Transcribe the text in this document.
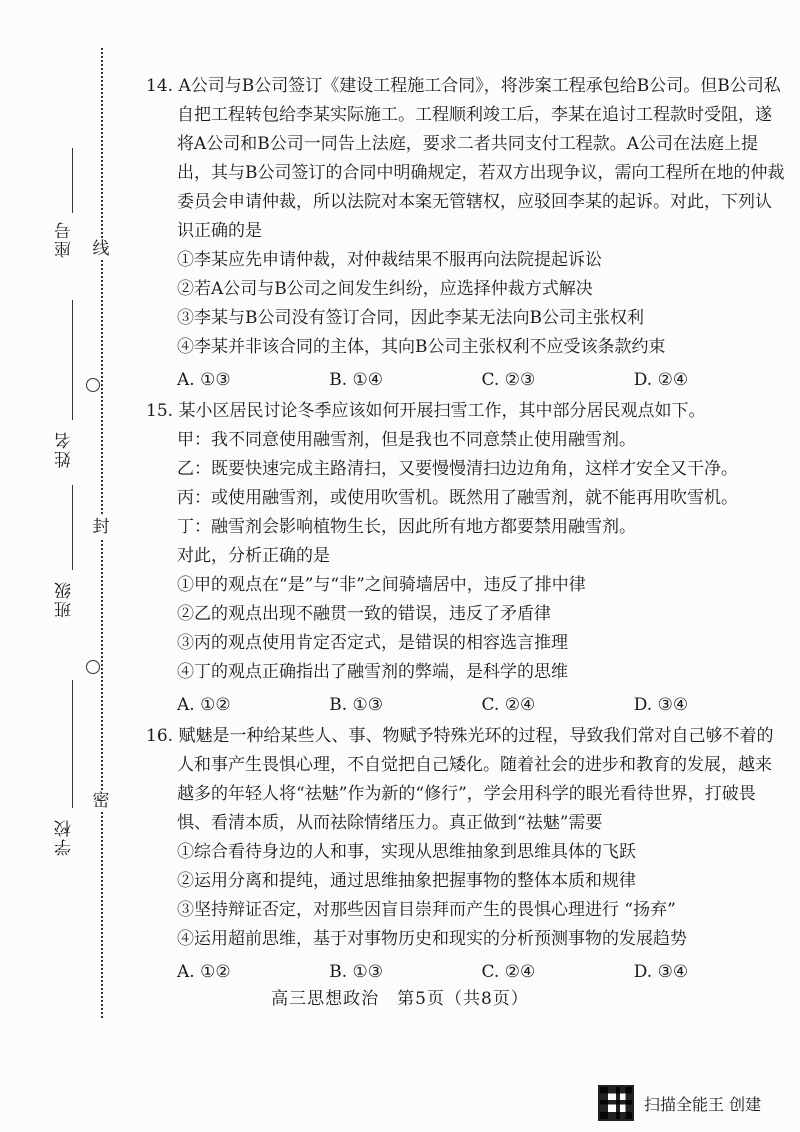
线
封
密
座号
姓名
班级
学校

14. A公司与B公司签订《建设工程施工合同》，将涉案工程承包给B公司。但B公司私自把工程转包给李某实际施工。工程顺利竣工后，李某在追讨工程款时受阻，遂将A公司和B公司一同告上法庭，要求二者共同支付工程款。A公司在法庭上提出，其与B公司签订的合同中明确规定，若双方出现争议，需向工程所在地的仲裁委员会申请仲裁，所以法院对本案无管辖权，应驳回李某的起诉。对此，下列认识正确的是

①李某应先申请仲裁，对仲裁结果不服再向法院提起诉讼

②若A公司与B公司之间发生纠纷，应选择仲裁方式解决

③李某与B公司没有签订合同，因此李某无法向B公司主张权利

④李某并非该合同的主体，其向B公司主张权利不应受该条款约束

A. ①③	B. ①④	C. ②③	D. ②④

15. 某小区居民讨论冬季应该如何开展扫雪工作，其中部分居民观点如下。

甲：我不同意使用融雪剂，但是我也不同意禁止使用融雪剂。

乙：既要快速完成主路清扫，又要慢慢清扫边边角角，这样才安全又干净。

丙：或使用融雪剂，或使用吹雪机。既然用了融雪剂，就不能再用吹雪机。

丁：融雪剂会影响植物生长，因此所有地方都要禁用融雪剂。

对此，分析正确的是

①甲的观点在“是”与“非”之间骑墙居中，违反了排中律

②乙的观点出现不融贯一致的错误，违反了矛盾律

③丙的观点使用肯定否定式，是错误的相容选言推理

④丁的观点正确指出了融雪剂的弊端，是科学的思维

A. ①②	B. ①③	C. ②④	D. ③④

16. 赋魅是一种给某些人、事、物赋予特殊光环的过程，导致我们常对自己够不着的人和事产生畏惧心理，不自觉把自己矮化。随着社会的进步和教育的发展，越来越多的年轻人将“祛魅”作为新的“修行”，学会用科学的眼光看待世界，打破畏惧、看清本质，从而祛除情绪压力。真正做到“祛魅”需要

①综合看待身边的人和事，实现从思维抽象到思维具体的飞跃

②运用分离和提纯，通过思维抽象把握事物的整体本质和规律

③坚持辩证否定，对那些因盲目崇拜而产生的畏惧心理进行 “扬弃”

④运用超前思维，基于对事物历史和现实的分析预测事物的发展趋势

A. ①②	B. ①③	C. ②④	D. ③④
高三思想政治　第5页（共8页）
扫描全能王 创建
